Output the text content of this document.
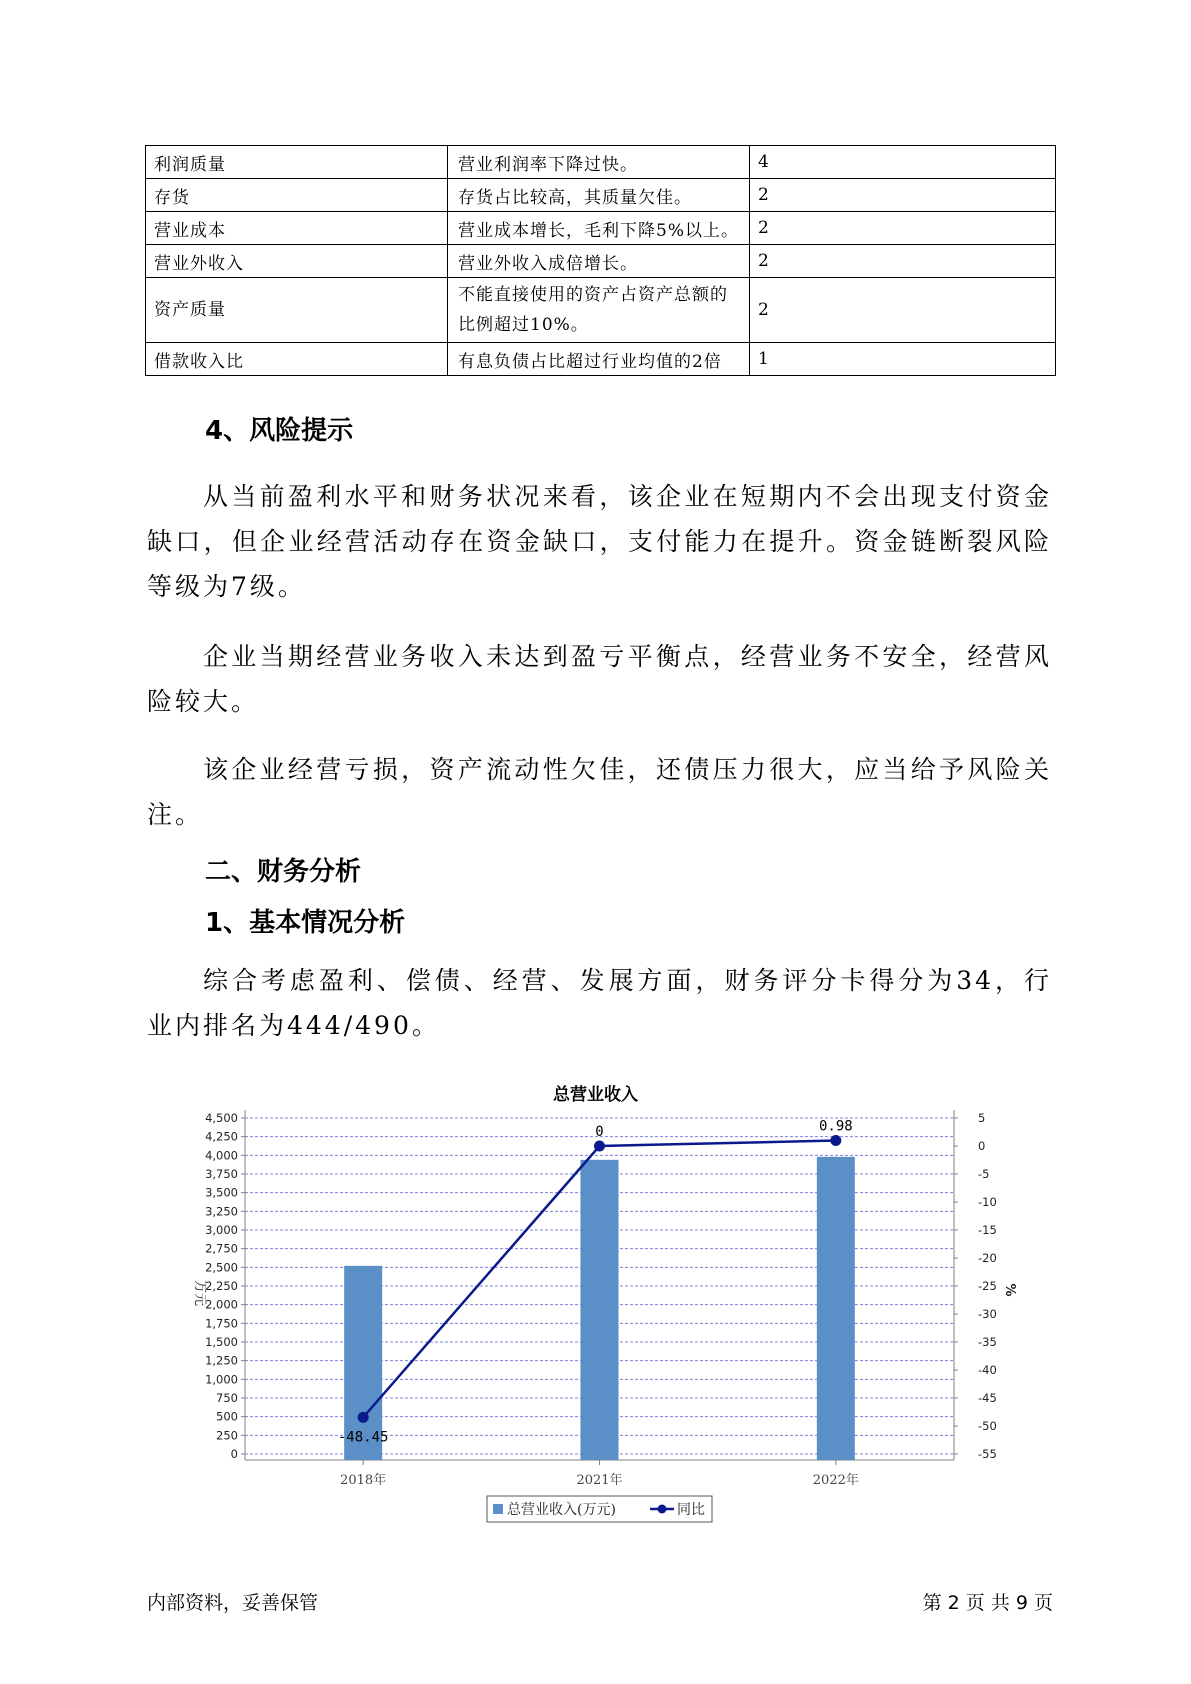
利润质量	营业利润率下降过快。	4
存货	存货占比较高，其质量欠佳。	2
营业成本	营业成本增长，毛利下降5%以上。	2
营业外收入	营业外收入成倍增长。	2
资产质量	不能直接使用的资产占资产总额的比例超过10%。	2
借款收入比	有息负债占比超过行业均值的2倍	1
4、风险提示

从当前盈利水平和财务状况来看，该企业在短期内不会出现支付资金缺口，但企业经营活动存在资金缺口，支付能力在提升。资金链断裂风险等级为7级。

企业当期经营业务收入未达到盈亏平衡点，经营业务不安全，经营风险较大。

该企业经营亏损，资产流动性欠佳，还债压力很大，应当给予风险关注。

二、财务分析
1、基本情况分析

综合考虑盈利、偿债、经营、发展方面，财务评分卡得分为34，行业内排名为444/490。

总营业收入
0
250
500
750
1,000
1,250
1,500
1,750
2,000
2,250
2,500
2,750
3,000
3,250
3,500
3,750
4,000
4,250
4,500	5
0
-5
-10
-15
-20
-25
-30
-35
-40
-45
-50
-55
万元	%
2018年	2021年	2022年
-48.45
0	0.98
总营业收入(万元)	同比
内部资料，妥善保管	第 2 页 共 9 页
